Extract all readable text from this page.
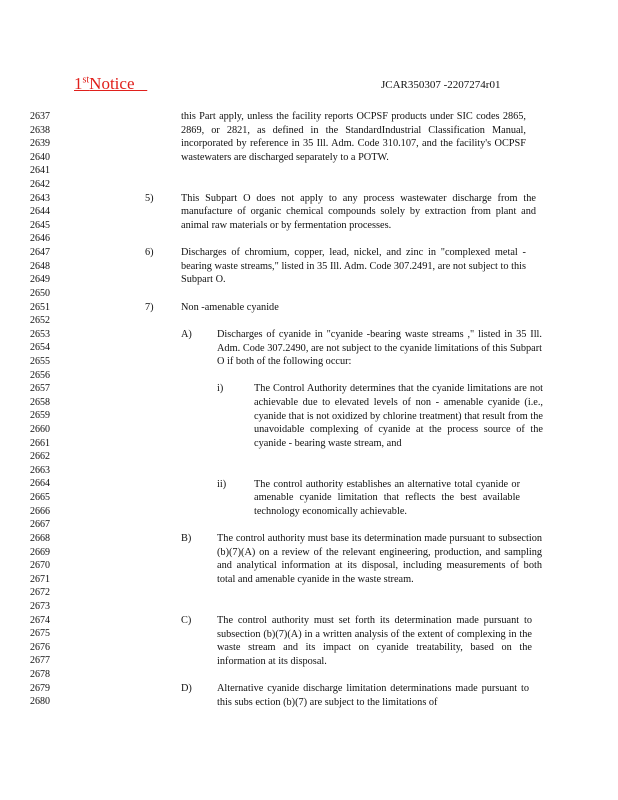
1stNotice	JCAR350307 -2207274r01
2637
2638
2639
2640
2641
2642
2643
2644
2645
2646
2647
2648
2649
2650
2651
2652
2653
2654
2655
2656
2657
2658
2659
2660
2661
2662
2663
2664
2665
2666
2667
2668
2669
2670
2671
2672
2673
2674
2675
2676
2677
2678
2679
2680
this Part apply, unless the facility reports OCPSF products under SIC codes 2865, 2869, or 2821, as defined in the StandardIndustrial Classification Manual, incorporated by reference in 35 Ill. Adm. Code 310.107, and the facility's OCPSF wastewaters are discharged separately to a POTW.
5)	This Subpart O does not apply to any process wastewater discharge from the manufacture of organic chemical compounds solely by extraction from plant and animal raw materials or by fermentation processes.
6)	Discharges of chromium, copper, lead, nickel, and zinc in "complexed metal -bearing waste streams," listed in 35 Ill. Adm. Code 307.2491, are not subject to this Subpart O.
7)	Non -amenable cyanide
A) Discharges of cyanide in "cyanide -bearing waste streams ," listed in 35 Ill. Adm. Code 307.2490, are not subject to the cyanide limitations of this Subpart O if both of the following occur:
i)	The Control Authority determines that the cyanide limitations are not achievable due to elevated levels of non - amenable cyanide (i.e., cyanide that is not oxidized by chlorine treatment) that result from the unavoidable complexing of cyanide at the process source of the cyanide - bearing waste stream, and
ii)	The control authority establishes an alternative total cyanide or amenable cyanide limitation that reflects the best available technology economically achievable.
B) The control authority must base its determination made pursuant to subsection (b)(7)(A) on a review of the relevant engineering, production, and sampling and analytical information at its disposal, including measurements of both total and amenable cyanide in the waste stream.
C) The control authority must set forth its determination made pursuant to subsection (b)(7)(A) in a written analysis of the extent of complexing in the waste stream and its impact on cyanide treatability, based on the information at its disposal.
D) Alternative cyanide discharge limitation determinations made pursuant to this subs ection (b)(7) are subject to the limitations of
